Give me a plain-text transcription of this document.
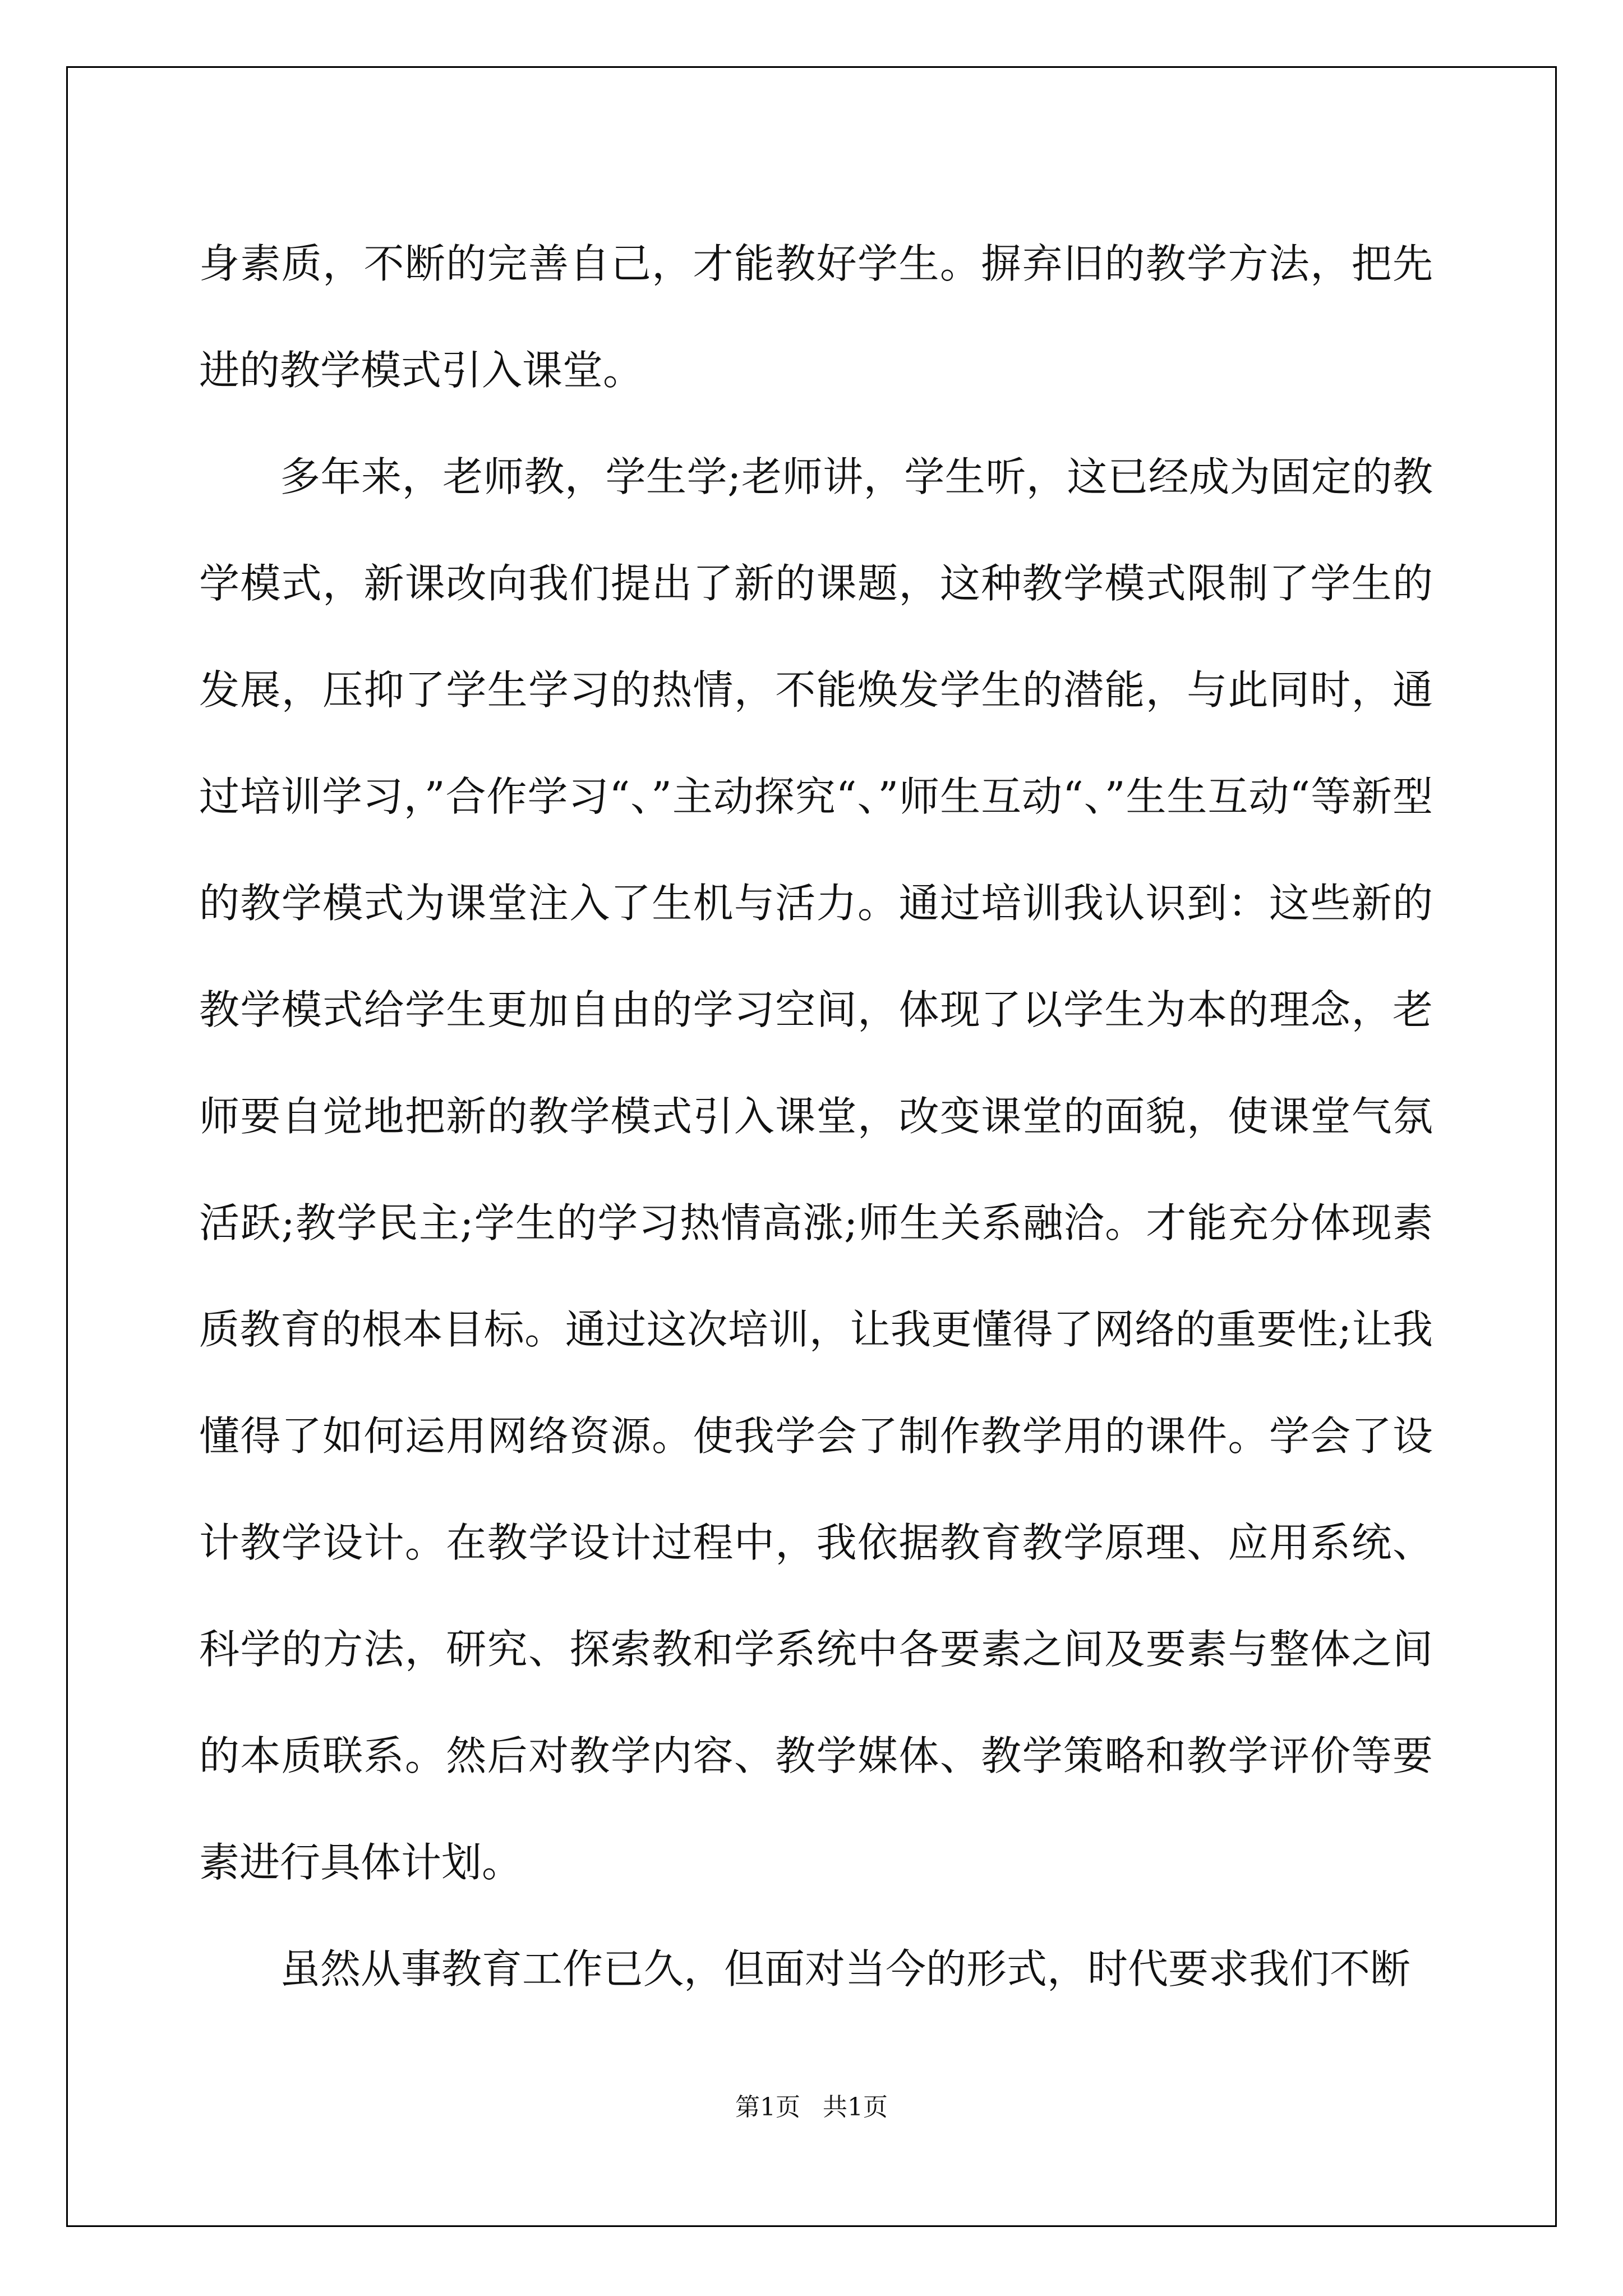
身素质，不断的完善自己，才能教好学生。摒弃旧的教学方法，把先进的教学模式引入课堂。

多年来，老师教，学生学;老师讲，学生听，这已经成为固定的教学模式，新课改向我们提出了新的课题，这种教学模式限制了学生的发展，压抑了学生学习的热情，不能焕发学生的潜能，与此同时，通过培训学习，”合作学习“、”主动探究“、”师生互动“、”生生互动“等新型的教学模式为课堂注入了生机与活力。通过培训我认识到：这些新的教学模式给学生更加自由的学习空间，体现了以学生为本的理念，老师要自觉地把新的教学模式引入课堂，改变课堂的面貌，使课堂气氛活跃;教学民主;学生的学习热情高涨;师生关系融洽。才能充分体现素质教育的根本目标。通过这次培训，让我更懂得了网络的重要性;让我懂得了如何运用网络资源。使我学会了制作教学用的课件。学会了设计教学设计。在教学设计过程中，我依据教育教学原理、应用系统、科学的方法，研究、探索教和学系统中各要素之间及要素与整体之间的本质联系。然后对教学内容、教学媒体、教学策略和教学评价等要素进行具体计划。

虽然从事教育工作已久，但面对当今的形式，时代要求我们不断

第1页 共1页
